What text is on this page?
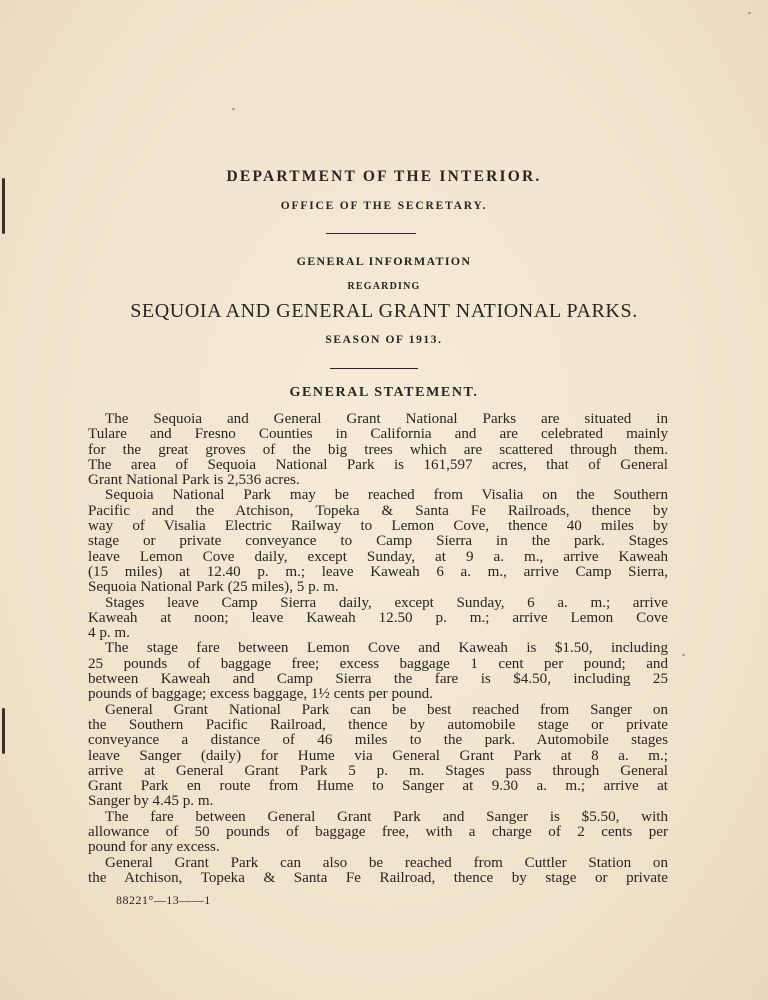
DEPARTMENT OF THE INTERIOR.
OFFICE OF THE SECRETARY.
GENERAL INFORMATION
REGARDING
SEQUOIA AND GENERAL GRANT NATIONAL PARKS.
SEASON OF 1913.
GENERAL STATEMENT.
The Sequoia and General Grant National Parks are situated in
Tulare and Fresno Counties in California and are celebrated mainly
for the great groves of the big trees which are scattered through them.
The area of Sequoia National Park is 161,597 acres, that of General
Grant National Park is 2,536 acres.
Sequoia National Park may be reached from Visalia on the Southern
Pacific and the Atchison, Topeka & Santa Fe Railroads, thence by
way of Visalia Electric Railway to Lemon Cove, thence 40 miles by
stage or private conveyance to Camp Sierra in the park. Stages
leave Lemon Cove daily, except Sunday, at 9 a. m., arrive Kaweah
(15 miles) at 12.40 p. m.; leave Kaweah 6 a. m., arrive Camp Sierra,
Sequoia National Park (25 miles), 5 p. m.
Stages leave Camp Sierra daily, except Sunday, 6 a. m.; arrive
Kaweah at noon; leave Kaweah 12.50 p. m.; arrive Lemon Cove
4 p. m.
The stage fare between Lemon Cove and Kaweah is $1.50, including
25 pounds of baggage free; excess baggage 1 cent per pound; and
between Kaweah and Camp Sierra the fare is $4.50, including 25
pounds of baggage; excess baggage, 1½ cents per pound.
General Grant National Park can be best reached from Sanger on
the Southern Pacific Railroad, thence by automobile stage or private
conveyance a distance of 46 miles to the park. Automobile stages
leave Sanger (daily) for Hume via General Grant Park at 8 a. m.;
arrive at General Grant Park 5 p. m. Stages pass through General
Grant Park en route from Hume to Sanger at 9.30 a. m.; arrive at
Sanger by 4.45 p. m.
The fare between General Grant Park and Sanger is $5.50, with
allowance of 50 pounds of baggage free, with a charge of 2 cents per
pound for any excess.
General Grant Park can also be reached from Cuttler Station on
the Atchison, Topeka & Santa Fe Railroad, thence by stage or private
88221°—13——1
